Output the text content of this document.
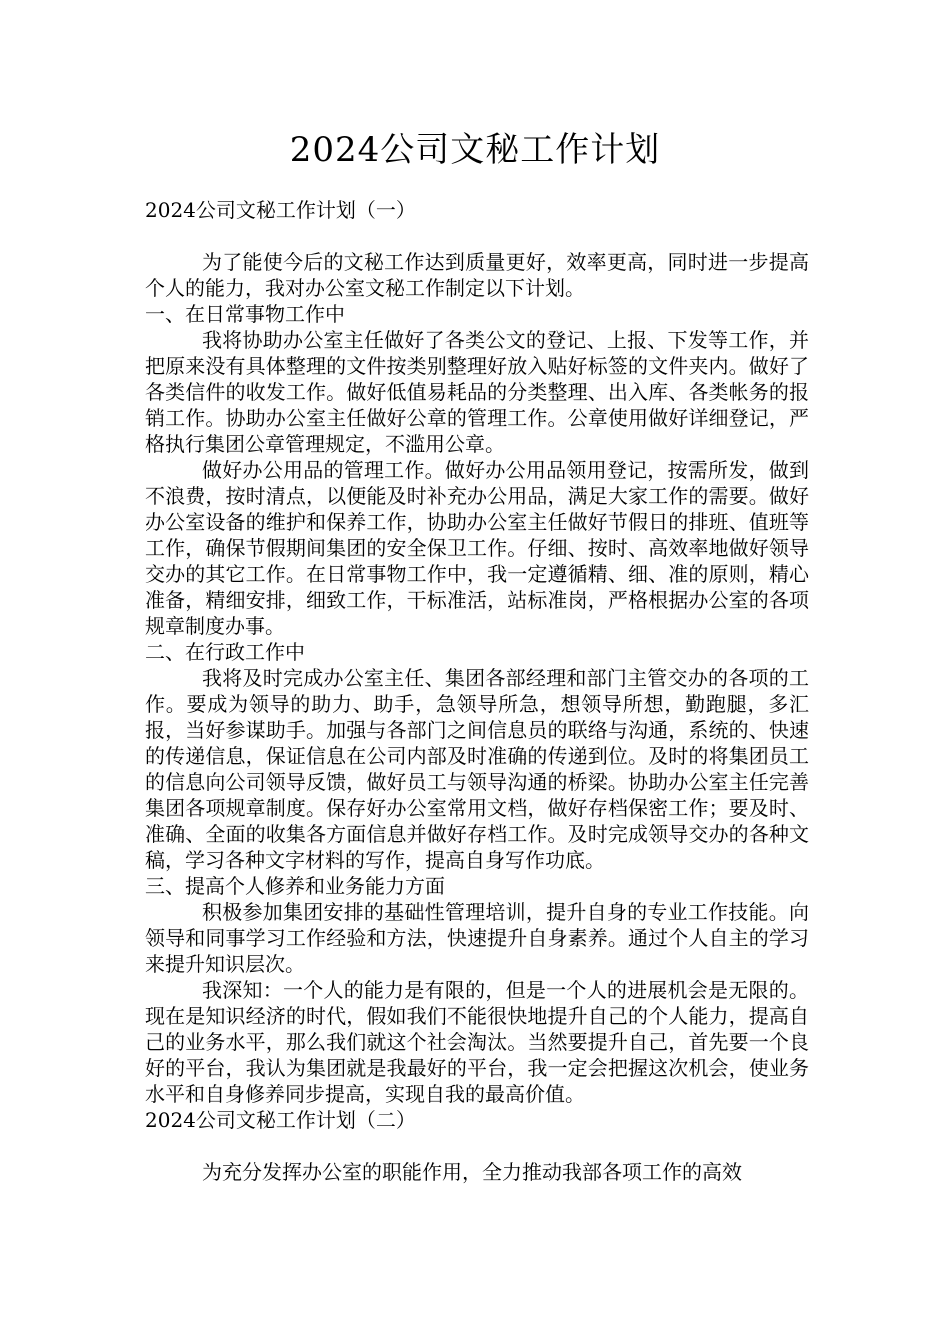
2024公司文秘工作计划

2024公司文秘工作计划（一）

为了能使今后的文秘工作达到质量更好，效率更高，同时进一步提高个人的能力，我对办公室文秘工作制定以下计划。

一、在日常事物工作中

我将协助办公室主任做好了各类公文的登记、上报、下发等工作，并把原来没有具体整理的文件按类别整理好放入贴好标签的文件夹内。做好了各类信件的收发工作。做好低值易耗品的分类整理、出入库、各类帐务的报销工作。协助办公室主任做好公章的管理工作。公章使用做好详细登记，严格执行集团公章管理规定，不滥用公章。

做好办公用品的管理工作。做好办公用品领用登记，按需所发，做到不浪费，按时清点，以便能及时补充办公用品，满足大家工作的需要。做好办公室设备的维护和保养工作，协助办公室主任做好节假日的排班、值班等工作，确保节假期间集团的安全保卫工作。仔细、按时、高效率地做好领导交办的其它工作。在日常事物工作中，我一定遵循精、细、准的原则，精心准备，精细安排，细致工作，干标准活，站标准岗，严格根据办公室的各项规章制度办事。

二、在行政工作中

我将及时完成办公室主任、集团各部经理和部门主管交办的各项的工作。要成为领导的助力、助手，急领导所急，想领导所想，勤跑腿，多汇报，当好参谋助手。加强与各部门之间信息员的联络与沟通，系统的、快速的传递信息，保证信息在公司内部及时准确的传递到位。及时的将集团员工的信息向公司领导反馈，做好员工与领导沟通的桥梁。协助办公室主任完善集团各项规章制度。保存好办公室常用文档，做好存档保密工作；要及时、准确、全面的收集各方面信息并做好存档工作。及时完成领导交办的各种文稿，学习各种文字材料的写作，提高自身写作功底。

三、提高个人修养和业务能力方面

积极参加集团安排的基础性管理培训，提升自身的专业工作技能。向领导和同事学习工作经验和方法，快速提升自身素养。通过个人自主的学习来提升知识层次。

我深知：一个人的能力是有限的，但是一个人的进展机会是无限的。现在是知识经济的时代，假如我们不能很快地提升自己的个人能力，提高自己的业务水平，那么我们就这个社会淘汰。当然要提升自己，首先要一个良好的平台，我认为集团就是我最好的平台，我一定会把握这次机会，使业务水平和自身修养同步提高，实现自我的最高价值。

2024公司文秘工作计划（二）

为充分发挥办公室的职能作用，全力推动我部各项工作的高效
